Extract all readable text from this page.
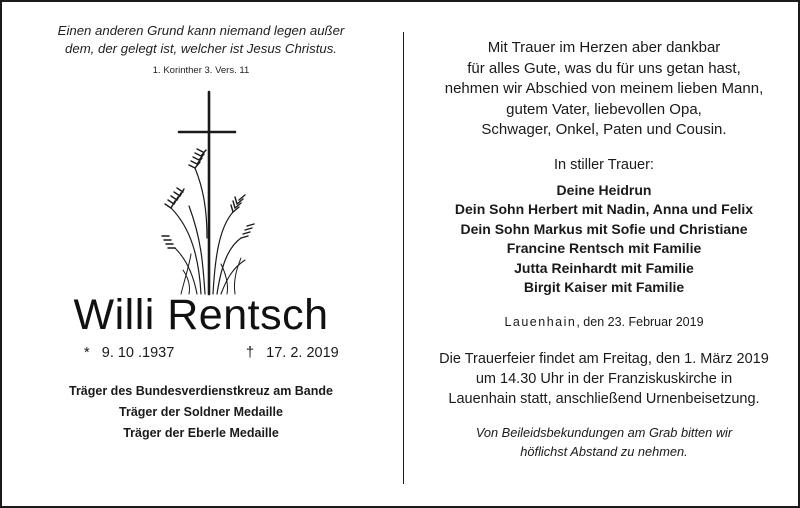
Einen anderen Grund kann niemand legen außer
dem, der gelegt ist, welcher ist Jesus Christus.
1. Korinther 3. Vers. 11
Willi Rentsch
* 9. 10 .1937	† 17. 2. 2019
Träger des Bundesverdienstkreuz am Bande
Träger der Soldner Medaille
Träger der Eberle Medaille
Mit Trauer im Herzen aber dankbar
für alles Gute, was du für uns getan hast,
nehmen wir Abschied von meinem lieben Mann,
gutem Vater, liebevollen Opa,
Schwager, Onkel, Paten und Cousin.
In stiller Trauer:
Deine Heidrun
Dein Sohn Herbert mit Nadin, Anna und Felix
Dein Sohn Markus mit Sofie und Christiane
Francine Rentsch mit Familie
Jutta Reinhardt mit Familie
Birgit Kaiser mit Familie
Lauenhain, den 23. Februar 2019
Die Trauerfeier findet am Freitag, den 1. März 2019
um 14.30 Uhr in der Franziskuskirche in
Lauenhain statt, anschließend Urnenbeisetzung.
Von Beileidsbekundungen am Grab bitten wir
höflichst Abstand zu nehmen.
